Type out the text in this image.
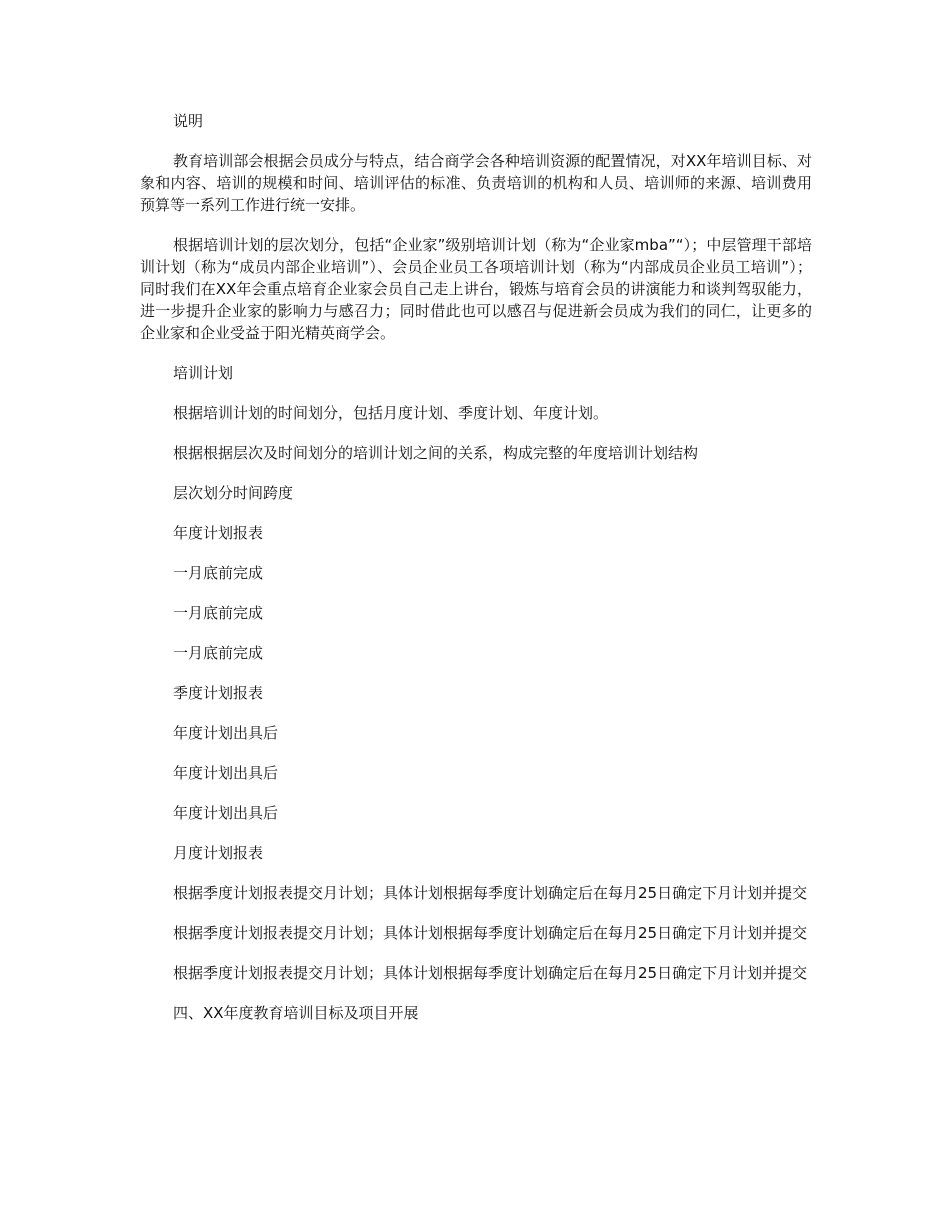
说明

教育培训部会根据会员成分与特点，结合商学会各种培训资源的配置情况，对XX年培训目标、对象和内容、培训的规模和时间、培训评估的标准、负责培训的机构和人员、培训师的来源、培训费用预算等一系列工作进行统一安排。

根据培训计划的层次划分，包括“企业家”级别培训计划（称为“企业家mba”“）；中层管理干部培训计划（称为“成员内部企业培训”）、会员企业员工各项培训计划（称为“内部成员企业员工培训”）；同时我们在XX年会重点培育企业家会员自己走上讲台，锻炼与培育会员的讲演能力和谈判驾驭能力，进一步提升企业家的影响力与感召力；同时借此也可以感召与促进新会员成为我们的同仁，让更多的企业家和企业受益于阳光精英商学会。

培训计划

根据培训计划的时间划分，包括月度计划、季度计划、年度计划。

根据根据层次及时间划分的培训计划之间的关系，构成完整的年度培训计划结构

层次划分时间跨度

年度计划报表

一月底前完成

一月底前完成

一月底前完成

季度计划报表

年度计划出具后

年度计划出具后

年度计划出具后

月度计划报表

根据季度计划报表提交月计划；具体计划根据每季度计划确定后在每月25日确定下月计划并提交

根据季度计划报表提交月计划；具体计划根据每季度计划确定后在每月25日确定下月计划并提交

根据季度计划报表提交月计划；具体计划根据每季度计划确定后在每月25日确定下月计划并提交

四、XX年度教育培训目标及项目开展
